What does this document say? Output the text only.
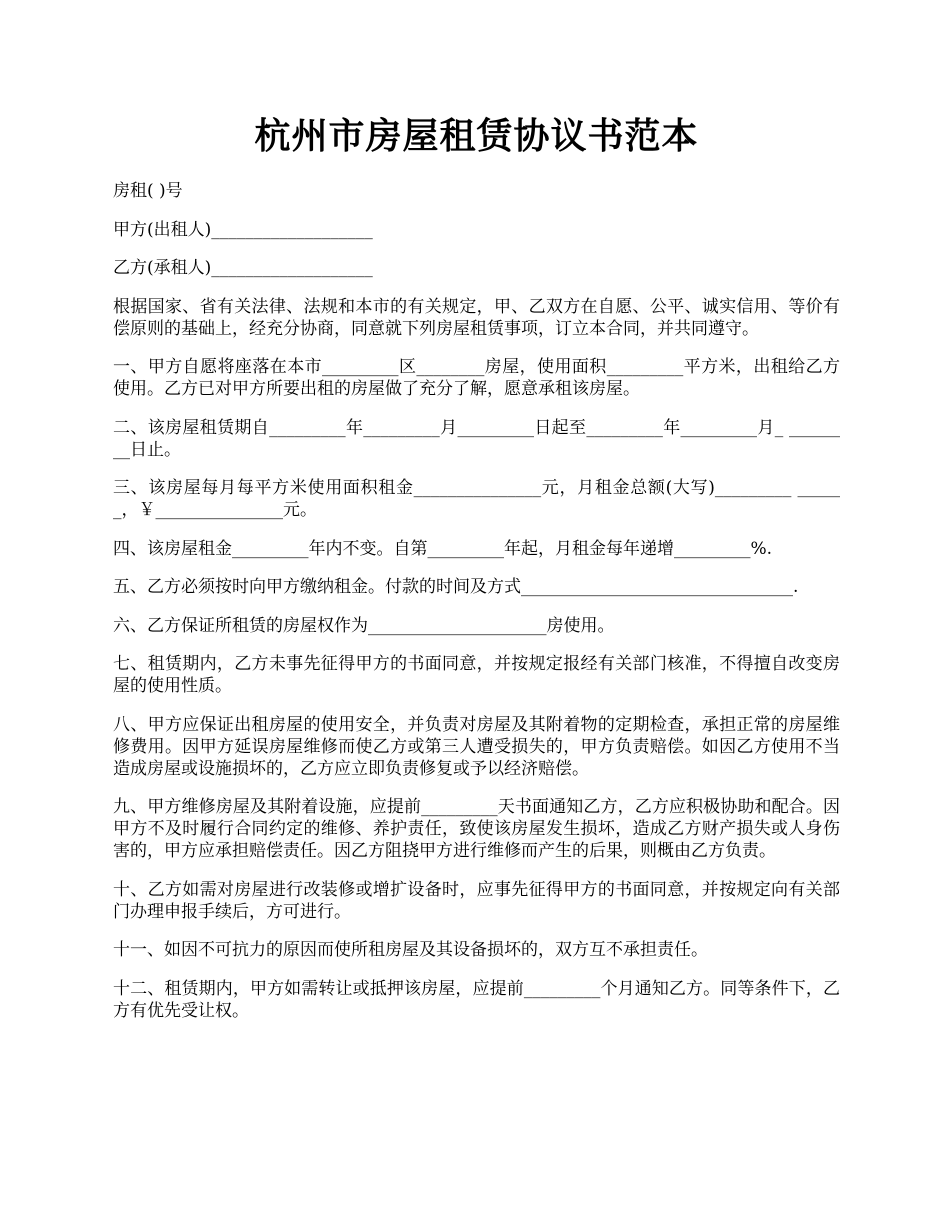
杭州市房屋租赁协议书范本

房租( )号

甲方(出租人)___________________

乙方(承租人)___________________

根据国家、省有关法律、法规和本市的有关规定，甲、乙双方在自愿、公平、诚实信用、等价有偿原则的基础上，经充分协商，同意就下列房屋租赁事项，订立本合同，并共同遵守。

一、甲方自愿将座落在本市_________区________房屋，使用面积_________平方米，出租给乙方使用。乙方已对甲方所要出租的房屋做了充分了解，愿意承租该房屋。

二、该房屋租赁期自_________年_________月_________日起至_________年_________月_ ________日止。

三、该房屋每月每平方米使用面积租金_______________元，月租金总额(大写)_________ ______，￥_______________元。

四、该房屋租金_________年内不变。自第_________年起，月租金每年递增_________%.

五、乙方必须按时向甲方缴纳租金。付款的时间及方式________________________________.

六、乙方保证所租赁的房屋权作为_____________________房使用。

七、租赁期内，乙方未事先征得甲方的书面同意，并按规定报经有关部门核准，不得擅自改变房屋的使用性质。

八、甲方应保证出租房屋的使用安全，并负责对房屋及其附着物的定期检查，承担正常的房屋维修费用。因甲方延误房屋维修而使乙方或第三人遭受损失的，甲方负责赔偿。如因乙方使用不当造成房屋或设施损坏的，乙方应立即负责修复或予以经济赔偿。

九、甲方维修房屋及其附着设施，应提前_________天书面通知乙方，乙方应积极协助和配合。因甲方不及时履行合同约定的维修、养护责任，致使该房屋发生损坏，造成乙方财产损失或人身伤害的，甲方应承担赔偿责任。因乙方阻挠甲方进行维修而产生的后果，则概由乙方负责。

十、乙方如需对房屋进行改装修或增扩设备时，应事先征得甲方的书面同意，并按规定向有关部门办理申报手续后，方可进行。

十一、如因不可抗力的原因而使所租房屋及其设备损坏的，双方互不承担责任。

十二、租赁期内，甲方如需转让或抵押该房屋，应提前_________个月通知乙方。同等条件下，乙方有优先受让权。
